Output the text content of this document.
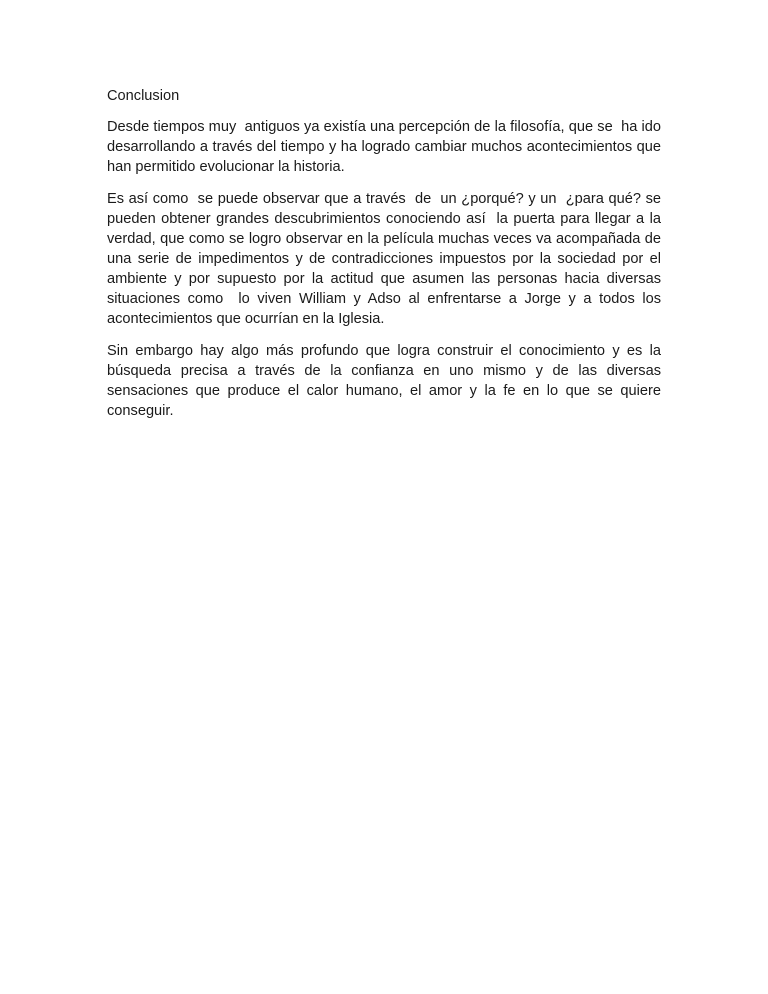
Conclusion

Desde tiempos muy  antiguos ya existía una percepción de la filosofía, que se  ha ido desarrollando a través del tiempo y ha logrado cambiar muchos acontecimientos que han permitido evolucionar la historia.

Es así como  se puede observar que a través  de  un ¿porqué? y un  ¿para qué? se pueden obtener grandes descubrimientos conociendo así  la puerta para llegar a la verdad, que como se logro observar en la película muchas veces va acompañada de una serie de impedimentos y de contradicciones impuestos por la sociedad por el ambiente y por supuesto por la actitud que asumen las personas hacia diversas situaciones como  lo viven William y Adso al enfrentarse a Jorge y a todos los acontecimientos que ocurrían en la Iglesia.

Sin embargo hay algo más profundo que logra construir el conocimiento y es la búsqueda precisa a través de la confianza en uno mismo y de las diversas sensaciones que produce el calor humano, el amor y la fe en lo que se quiere conseguir.
